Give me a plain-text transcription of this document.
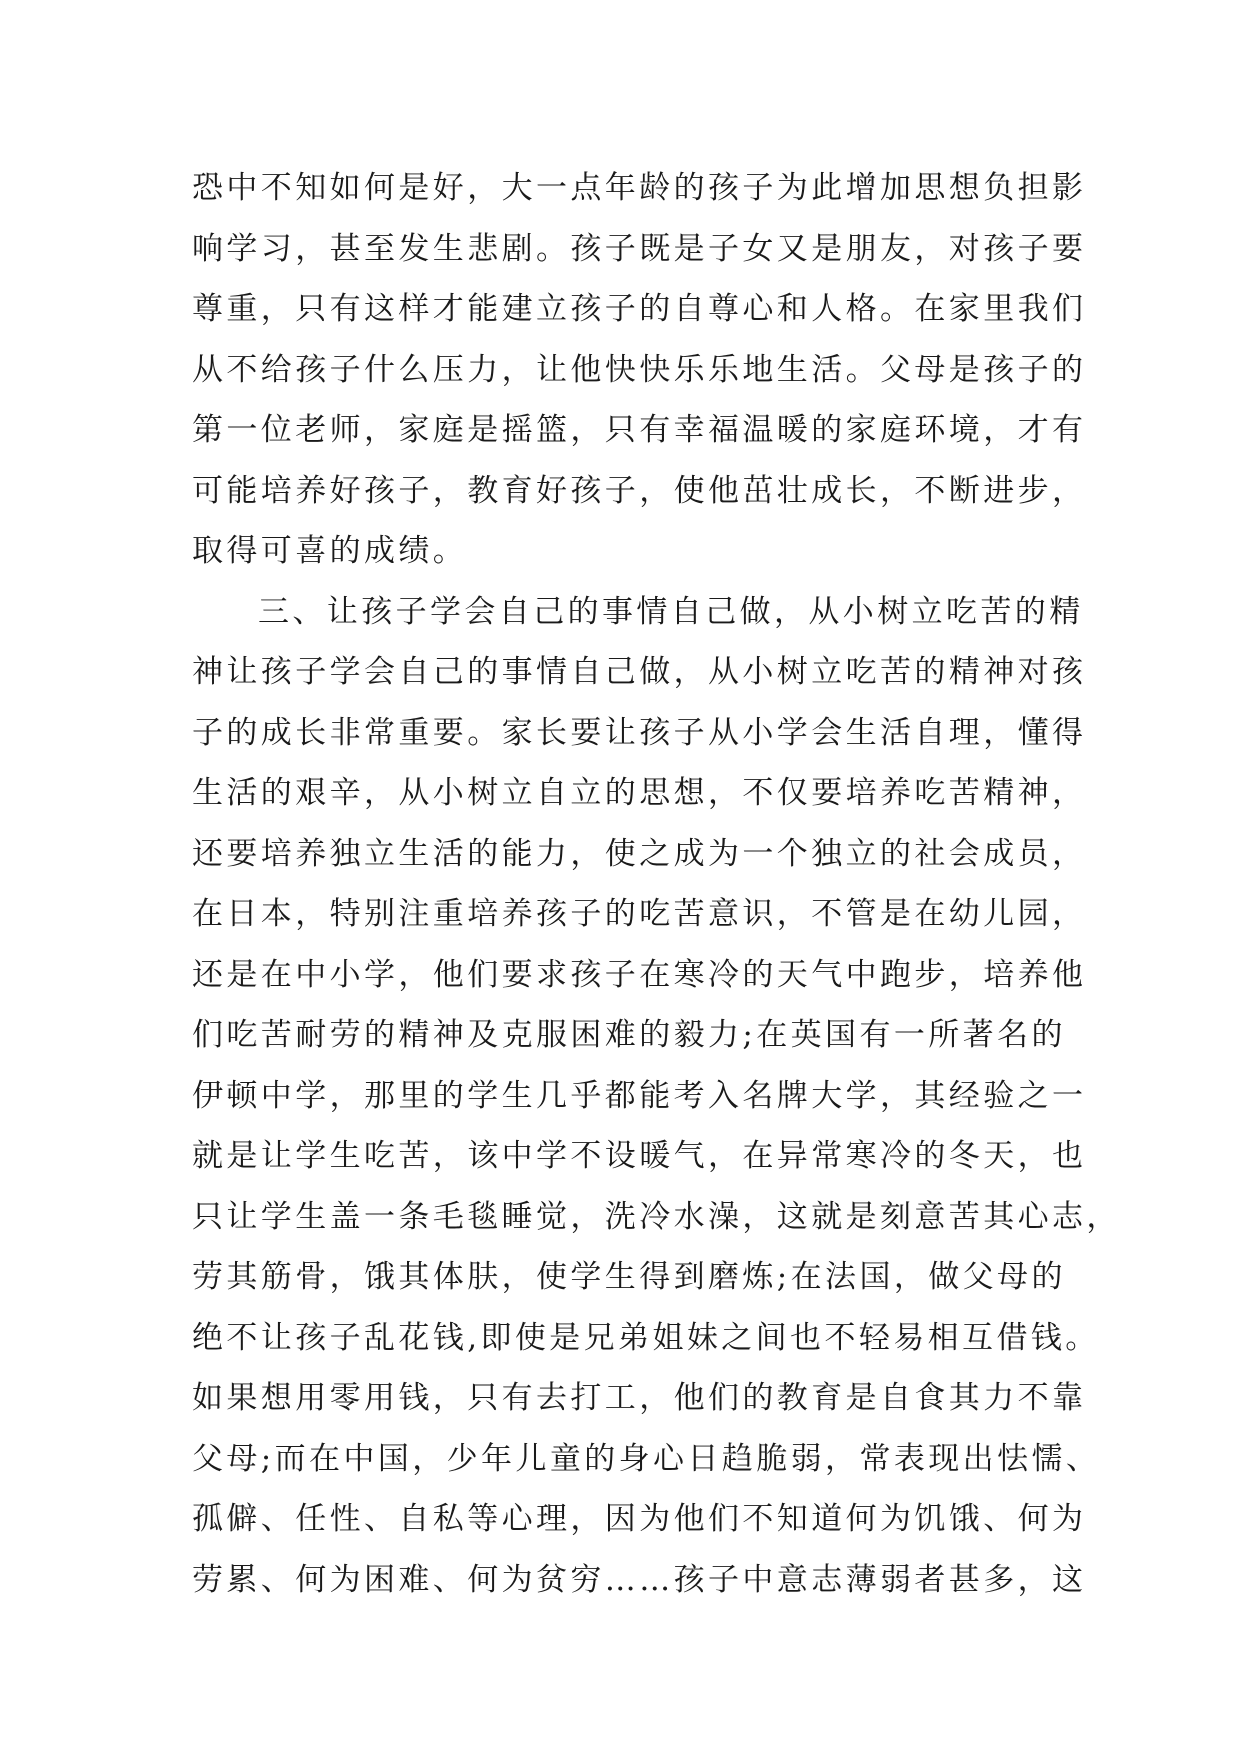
恐中不知如何是好，大一点年龄的孩子为此增加思想负担影
响学习，甚至发生悲剧。孩子既是子女又是朋友，对孩子要
尊重，只有这样才能建立孩子的自尊心和人格。在家里我们
从不给孩子什么压力，让他快快乐乐地生活。父母是孩子的
第一位老师，家庭是摇篮，只有幸福温暖的家庭环境，才有
可能培养好孩子，教育好孩子，使他茁壮成长，不断进步，
取得可喜的成绩。
三、让孩子学会自己的事情自己做，从小树立吃苦的精
神让孩子学会自己的事情自己做，从小树立吃苦的精神对孩
子的成长非常重要。家长要让孩子从小学会生活自理，懂得
生活的艰辛，从小树立自立的思想，不仅要培养吃苦精神，
还要培养独立生活的能力，使之成为一个独立的社会成员，
在日本，特别注重培养孩子的吃苦意识，不管是在幼儿园，
还是在中小学，他们要求孩子在寒冷的天气中跑步，培养他
们吃苦耐劳的精神及克服困难的毅力;在英国有一所著名的
伊顿中学，那里的学生几乎都能考入名牌大学，其经验之一
就是让学生吃苦，该中学不设暖气，在异常寒冷的冬天，也
只让学生盖一条毛毯睡觉，洗冷水澡，这就是刻意苦其心志，
劳其筋骨，饿其体肤，使学生得到磨炼;在法国，做父母的
绝不让孩子乱花钱,即使是兄弟姐妹之间也不轻易相互借钱。
如果想用零用钱，只有去打工，他们的教育是自食其力不靠
父母;而在中国，少年儿童的身心日趋脆弱，常表现出怯懦、
孤僻、任性、自私等心理，因为他们不知道何为饥饿、何为
劳累、何为困难、何为贫穷……孩子中意志薄弱者甚多，这
